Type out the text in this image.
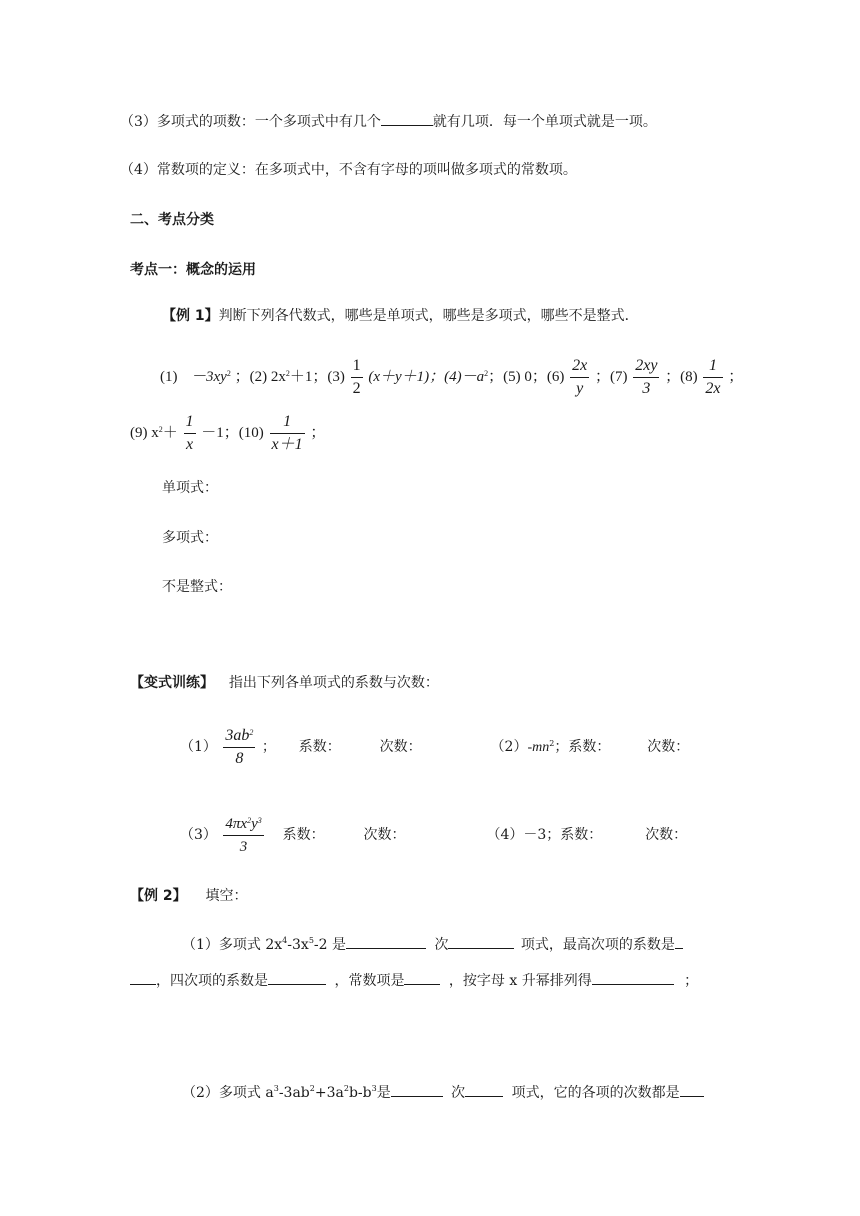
（3）多项式的项数：一个多项式中有几个	就有几项．每一个单项式就是一项。
（4）常数项的定义：在多项式中，不含有字母的项叫做多项式的常数项。
二、考点分类
考点一：概念的运用
【例 1】判断下列各代数式，哪些是单项式，哪些是多项式，哪些不是整式．
$(1) -3xy^2$ ；(2) $2x^2+1$；$(3) \frac{1}{2} (x+y+1)$；$(4)-a^2$；(5) 0；$(6) \frac{2x}{y}$ ；$(7) \frac{2xy}{3}$ ；$(8) \frac{1}{2x}$ ；
(9) $x^2+ \frac{1}{x} -1$；$(10) \frac{1}{x+1}$ ；
单项式：
多项式：
不是整式：
【变式训练】 指出下列各单项式的系数与次数：
$(1) \frac{3ab^2}{8}$ ； 系数：	次数：	$(2)-mn^2$；系数：	次数：
$(3) \frac{4\pi x^2y^3}{3}$ 系数：	次数：	（4）－3；系数：	次数：
【例 2】 填空：
（1）多项式 $2x^4-3x^5-2$ 是	次	项式，最高次项的系数是
，四次项的系数是	，常数项是	，按字母 x 升幂排列得	；
（2）多项式 $a^3-3ab^2+3a^2b-b^3$是	次	项式，它的各项的次数都是
